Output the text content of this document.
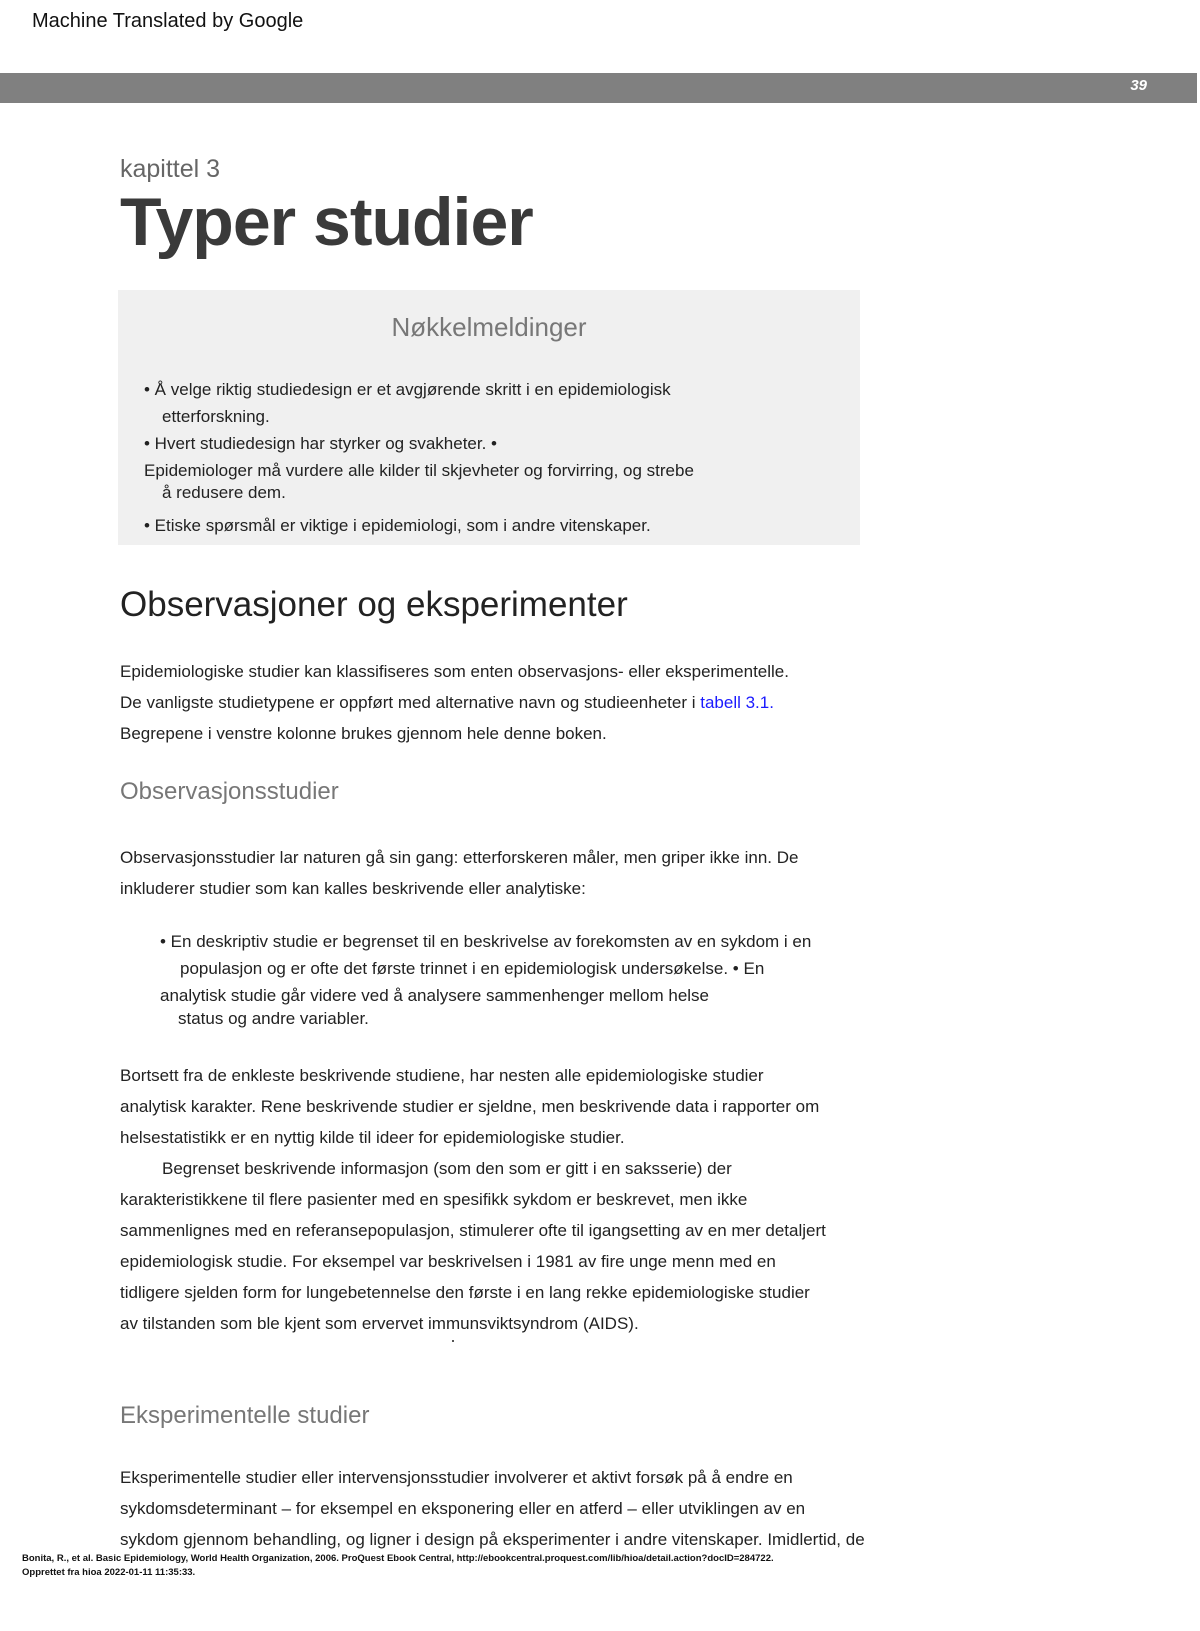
Machine Translated by Google
39
kapittel 3
Typer studier
Nøkkelmeldinger

• Å velge riktig studiedesign er et avgjørende skritt i en epidemiologisk

etterforskning.

• Hvert studiedesign har styrker og svakheter. •

Epidemiologer må vurdere alle kilder til skjevheter og forvirring, og strebe

å redusere dem.

• Etiske spørsmål er viktige i epidemiologi, som i andre vitenskaper.

Observasjoner og eksperimenter

Epidemiologiske studier kan klassifiseres som enten observasjons- eller eksperimentelle.

De vanligste studietypene er oppført med alternative navn og studieenheter i tabell 3.1.

Begrepene i venstre kolonne brukes gjennom hele denne boken.

Observasjonsstudier

Observasjonsstudier lar naturen gå sin gang: etterforskeren måler, men griper ikke inn. De

inkluderer studier som kan kalles beskrivende eller analytiske:

• En deskriptiv studie er begrenset til en beskrivelse av forekomsten av en sykdom i en

populasjon og er ofte det første trinnet i en epidemiologisk undersøkelse. • En

analytisk studie går videre ved å analysere sammenhenger mellom helse

status og andre variabler.

Bortsett fra de enkleste beskrivende studiene, har nesten alle epidemiologiske studier

analytisk karakter. Rene beskrivende studier er sjeldne, men beskrivende data i rapporter om

helsestatistikk er en nyttig kilde til ideer for epidemiologiske studier.

Begrenset beskrivende informasjon (som den som er gitt i en saksserie) der

karakteristikkene til flere pasienter med en spesifikk sykdom er beskrevet, men ikke

sammenlignes med en referansepopulasjon, stimulerer ofte til igangsetting av en mer detaljert

epidemiologisk studie. For eksempel var beskrivelsen i 1981 av fire unge menn med en

tidligere sjelden form for lungebetennelse den første i en lang rekke epidemiologiske studier

av tilstanden som ble kjent som ervervet immunsviktsyndrom (AIDS).

Eksperimentelle studier

Eksperimentelle studier eller intervensjonsstudier involverer et aktivt forsøk på å endre en

sykdomsdeterminant – for eksempel en eksponering eller en atferd – eller utviklingen av en

sykdom gjennom behandling, og ligner i design på eksperimenter i andre vitenskaper. Imidlertid, de

Bonita, R., et al. Basic Epidemiology, World Health Organization, 2006. ProQuest Ebook Central, http://ebookcentral.proquest.com/lib/hioa/detail.action?docID=284722.
Opprettet fra hioa 2022-01-11 11:35:33.
